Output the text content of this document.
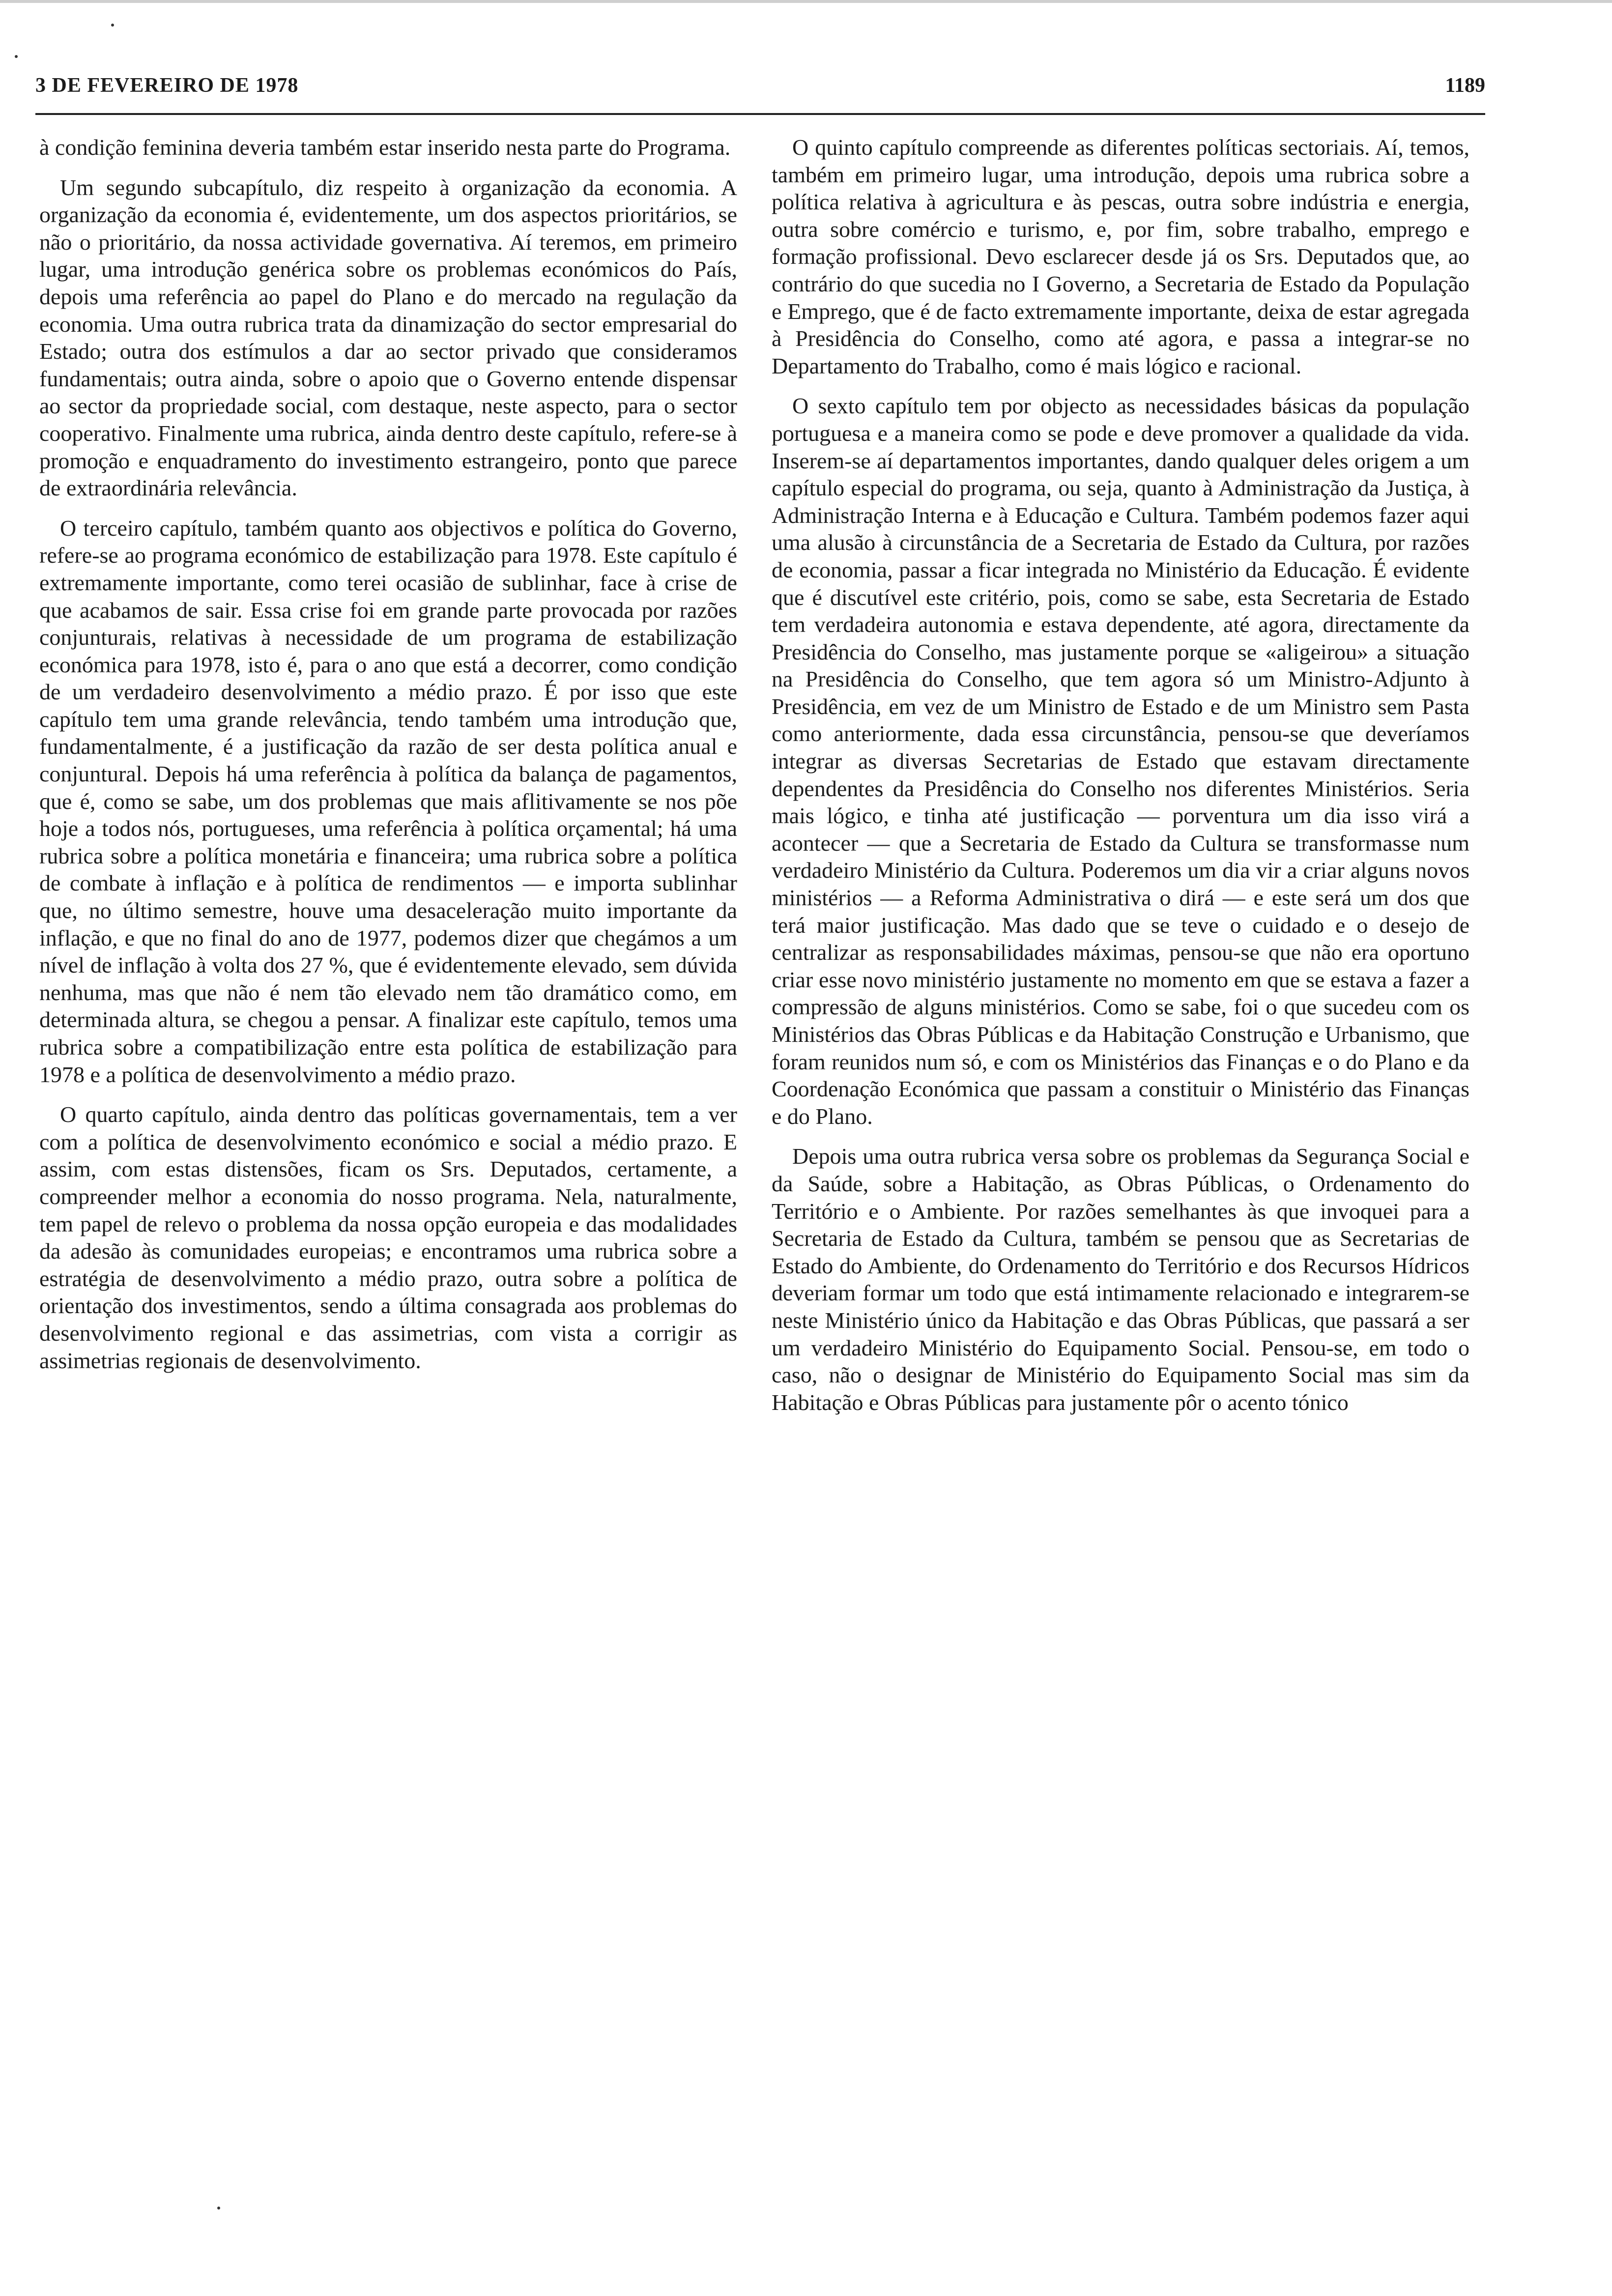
3 DE FEVEREIRO DE 1978	1189

à condição feminina deveria também estar inserido nesta parte do Programa.

Um segundo subcapítulo, diz respeito à organização da economia. A organização da economia é, evidentemente, um dos aspectos prioritários, se não o prioritário, da nossa actividade governativa. Aí teremos, em primeiro lugar, uma introdução genérica sobre os problemas económicos do País, depois uma referência ao papel do Plano e do mercado na regulação da economia. Uma outra rubrica trata da dinamização do sector empresarial do Estado; outra dos estímulos a dar ao sector privado que consideramos fundamentais; outra ainda, sobre o apoio que o Governo entende dispensar ao sector da propriedade social, com destaque, neste aspecto, para o sector cooperativo. Finalmente uma rubrica, ainda dentro deste capítulo, refere-se à promoção e enquadramento do investimento estrangeiro, ponto que parece de extraordinária relevância.

O terceiro capítulo, também quanto aos objectivos e política do Governo, refere-se ao programa económico de estabilização para 1978. Este capítulo é extremamente importante, como terei ocasião de sublinhar, face à crise de que acabamos de sair. Essa crise foi em grande parte provocada por razões conjunturais, relativas à necessidade de um programa de estabilização económica para 1978, isto é, para o ano que está a decorrer, como condição de um verdadeiro desenvolvimento a médio prazo. É por isso que este capítulo tem uma grande relevância, tendo também uma introdução que, fundamentalmente, é a justificação da razão de ser desta política anual e conjuntural. Depois há uma referência à política da balança de pagamentos, que é, como se sabe, um dos problemas que mais aflitivamente se nos põe hoje a todos nós, portugueses, uma referência à política orçamental; há uma rubrica sobre a política monetária e financeira; uma rubrica sobre a política de combate à inflação e à política de rendimentos — e importa sublinhar que, no último semestre, houve uma desaceleração muito importante da inflação, e que no final do ano de 1977, podemos dizer que chegámos a um nível de inflação à volta dos 27 %, que é evidentemente elevado, sem dúvida nenhuma, mas que não é nem tão elevado nem tão dramático como, em determinada altura, se chegou a pensar. A finalizar este capítulo, temos uma rubrica sobre a compatibilização entre esta política de estabilização para 1978 e a política de desenvolvimento a médio prazo.

O quarto capítulo, ainda dentro das políticas governamentais, tem a ver com a política de desenvolvimento económico e social a médio prazo. E assim, com estas distensões, ficam os Srs. Deputados, certamente, a compreender melhor a economia do nosso programa. Nela, naturalmente, tem papel de relevo o problema da nossa opção europeia e das modalidades da adesão às comunidades europeias; e encontramos uma rubrica sobre a estratégia de desenvolvimento a médio prazo, outra sobre a política de orientação dos investimentos, sendo a última consagrada aos problemas do desenvolvimento regional e das assimetrias, com vista a corrigir as assimetrias regionais de desenvolvimento.

O quinto capítulo compreende as diferentes políticas sectoriais. Aí, temos, também em primeiro lugar, uma introdução, depois uma rubrica sobre a política relativa à agricultura e às pescas, outra sobre indústria e energia, outra sobre comércio e turismo, e, por fim, sobre trabalho, emprego e formação profissional. Devo esclarecer desde já os Srs. Deputados que, ao contrário do que sucedia no I Governo, a Secretaria de Estado da População e Emprego, que é de facto extremamente importante, deixa de estar agregada à Presidência do Conselho, como até agora, e passa a integrar-se no Departamento do Trabalho, como é mais lógico e racional.

O sexto capítulo tem por objecto as necessidades básicas da população portuguesa e a maneira como se pode e deve promover a qualidade da vida. Inserem-se aí departamentos importantes, dando qualquer deles origem a um capítulo especial do programa, ou seja, quanto à Administração da Justiça, à Administração Interna e à Educação e Cultura. Também podemos fazer aqui uma alusão à circunstância de a Secretaria de Estado da Cultura, por razões de economia, passar a ficar integrada no Ministério da Educação. É evidente que é discutível este critério, pois, como se sabe, esta Secretaria de Estado tem verdadeira autonomia e estava dependente, até agora, directamente da Presidência do Conselho, mas justamente porque se «aligeirou» a situação na Presidência do Conselho, que tem agora só um Ministro-Adjunto à Presidência, em vez de um Ministro de Estado e de um Ministro sem Pasta como anteriormente, dada essa circunstância, pensou-se que deveríamos integrar as diversas Secretarias de Estado que estavam directamente dependentes da Presidência do Conselho nos diferentes Ministérios. Seria mais lógico, e tinha até justificação — porventura um dia isso virá a acontecer — que a Secretaria de Estado da Cultura se transformasse num verdadeiro Ministério da Cultura. Poderemos um dia vir a criar alguns novos ministérios — a Reforma Administrativa o dirá — e este será um dos que terá maior justificação. Mas dado que se teve o cuidado e o desejo de centralizar as responsabilidades máximas, pensou-se que não era oportuno criar esse novo ministério justamente no momento em que se estava a fazer a compressão de alguns ministérios. Como se sabe, foi o que sucedeu com os Ministérios das Obras Públicas e da Habitação Construção e Urbanismo, que foram reunidos num só, e com os Ministérios das Finanças e o do Plano e da Coordenação Económica que passam a constituir o Ministério das Finanças e do Plano.

Depois uma outra rubrica versa sobre os problemas da Segurança Social e da Saúde, sobre a Habitação, as Obras Públicas, o Ordenamento do Território e o Ambiente. Por razões semelhantes às que invoquei para a Secretaria de Estado da Cultura, também se pensou que as Secretarias de Estado do Ambiente, do Ordenamento do Território e dos Recursos Hídricos deveriam formar um todo que está intimamente relacionado e integrarem-se neste Ministério único da Habitação e das Obras Públicas, que passará a ser um verdadeiro Ministério do Equipamento Social. Pensou-se, em todo o caso, não o designar de Ministério do Equipamento Social mas sim da Habitação e Obras Públicas para justamente pôr o acento tónico
